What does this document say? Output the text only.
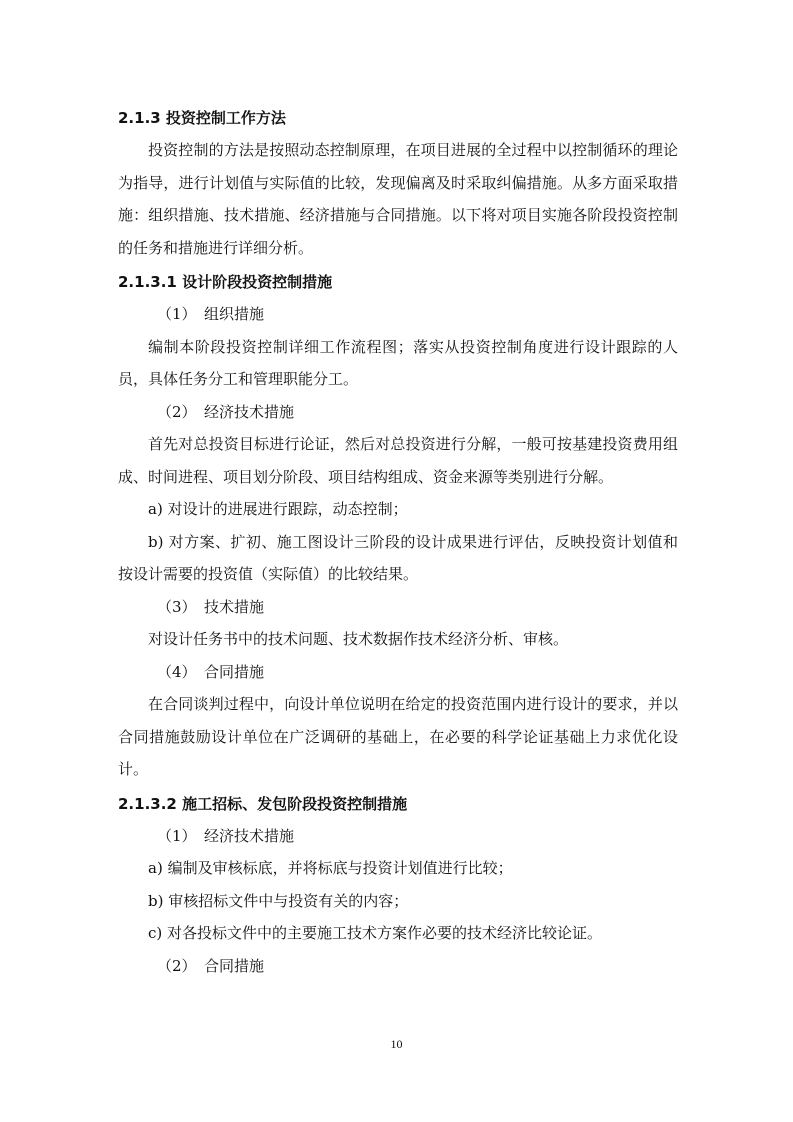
2.1.3 投资控制工作方法

投资控制的方法是按照动态控制原理，在项目进展的全过程中以控制循环的理论为指导，进行计划值与实际值的比较，发现偏离及时采取纠偏措施。从多方面采取措施：组织措施、技术措施、经济措施与合同措施。以下将对项目实施各阶段投资控制的任务和措施进行详细分析。

2.1.3.1 设计阶段投资控制措施

（1）　组织措施

编制本阶段投资控制详细工作流程图；落实从投资控制角度进行设计跟踪的人员，具体任务分工和管理职能分工。

（2）　经济技术措施

首先对总投资目标进行论证，然后对总投资进行分解，一般可按基建投资费用组成、时间进程、项目划分阶段、项目结构组成、资金来源等类别进行分解。

a) 对设计的进展进行跟踪，动态控制；

b) 对方案、扩初、施工图设计三阶段的设计成果进行评估，反映投资计划值和按设计需要的投资值（实际值）的比较结果。

（3）　技术措施

对设计任务书中的技术问题、技术数据作技术经济分析、审核。

（4）　合同措施

在合同谈判过程中，向设计单位说明在给定的投资范围内进行设计的要求，并以合同措施鼓励设计单位在广泛调研的基础上，在必要的科学论证基础上力求优化设计。

2.1.3.2 施工招标、发包阶段投资控制措施

（1）　经济技术措施

a) 编制及审核标底，并将标底与投资计划值进行比较；

b) 审核招标文件中与投资有关的内容；

c) 对各投标文件中的主要施工技术方案作必要的技术经济比较论证。

（2）　合同措施

10
